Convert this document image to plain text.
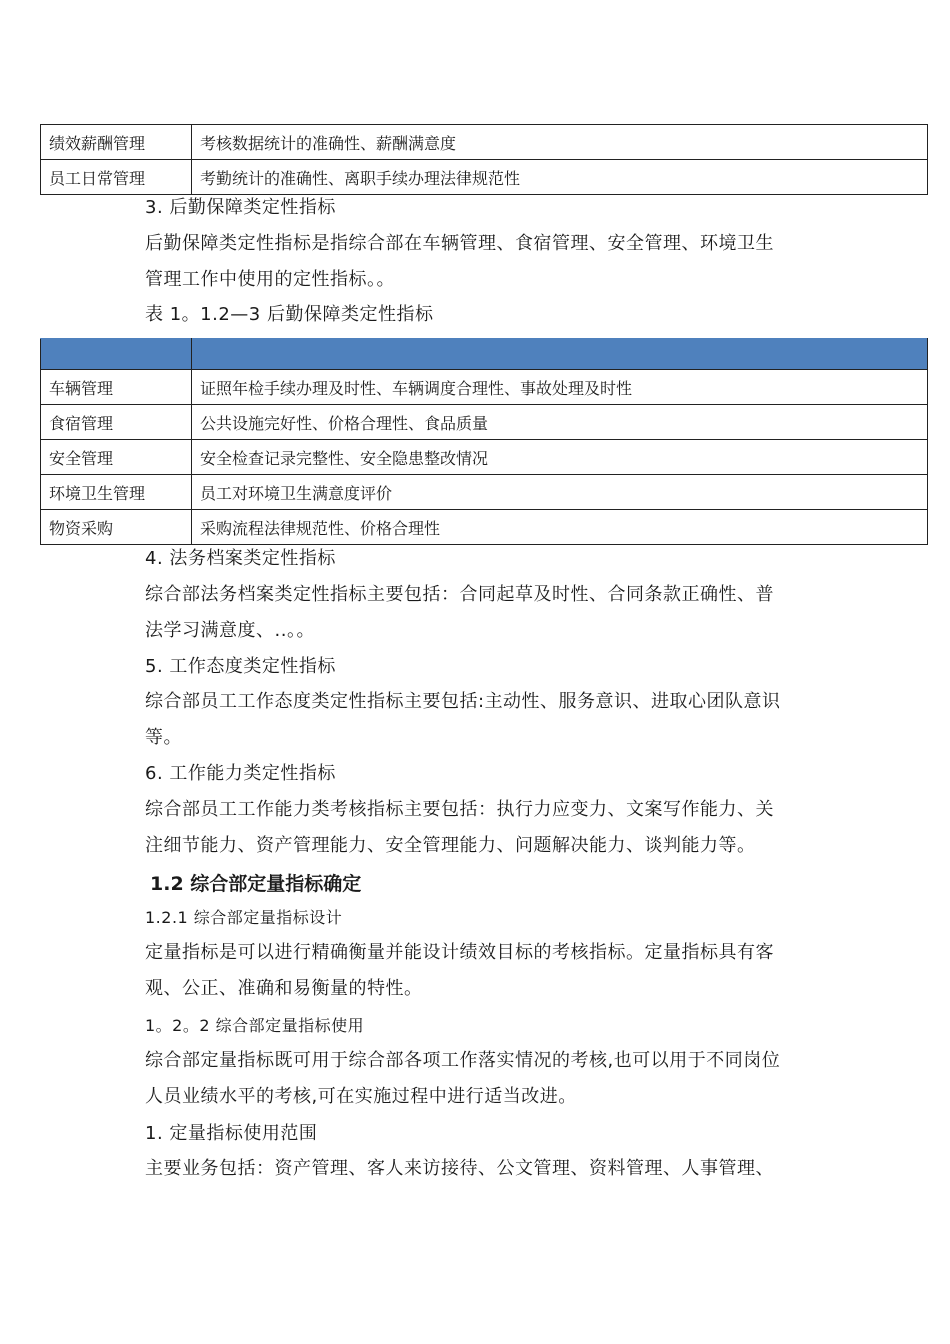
绩效薪酬管理	考核数据统计的准确性、薪酬满意度
员工日常管理	考勤统计的准确性、离职手续办理法律规范性
3. 后勤保障类定性指标
后勤保障类定性指标是指综合部在车辆管理、食宿管理、安全管理、环境卫生
管理工作中使用的定性指标。。
表 1。1.2—3 后勤保障类定性指标

车辆管理	证照年检手续办理及时性、车辆调度合理性、事故处理及时性
食宿管理	公共设施完好性、价格合理性、食品质量
安全管理	安全检查记录完整性、安全隐患整改情况
环境卫生管理	员工对环境卫生满意度评价
物资采购	采购流程法律规范性、价格合理性
4. 法务档案类定性指标
综合部法务档案类定性指标主要包括：合同起草及时性、合同条款正确性、普
法学习满意度、..。。
5. 工作态度类定性指标
综合部员工工作态度类定性指标主要包括:主动性、服务意识、进取心团队意识
等。
6. 工作能力类定性指标
综合部员工工作能力类考核指标主要包括：执行力应变力、文案写作能力、关
注细节能力、资产管理能力、安全管理能力、问题解决能力、谈判能力等。
1.2 综合部定量指标确定
1.2.1 综合部定量指标设计
定量指标是可以进行精确衡量并能设计绩效目标的考核指标。定量指标具有客
观、公正、准确和易衡量的特性。
1。2。2 综合部定量指标使用
综合部定量指标既可用于综合部各项工作落实情况的考核,也可以用于不同岗位
人员业绩水平的考核,可在实施过程中进行适当改进。
1. 定量指标使用范围
主要业务包括：资产管理、客人来访接待、公文管理、资料管理、人事管理、
